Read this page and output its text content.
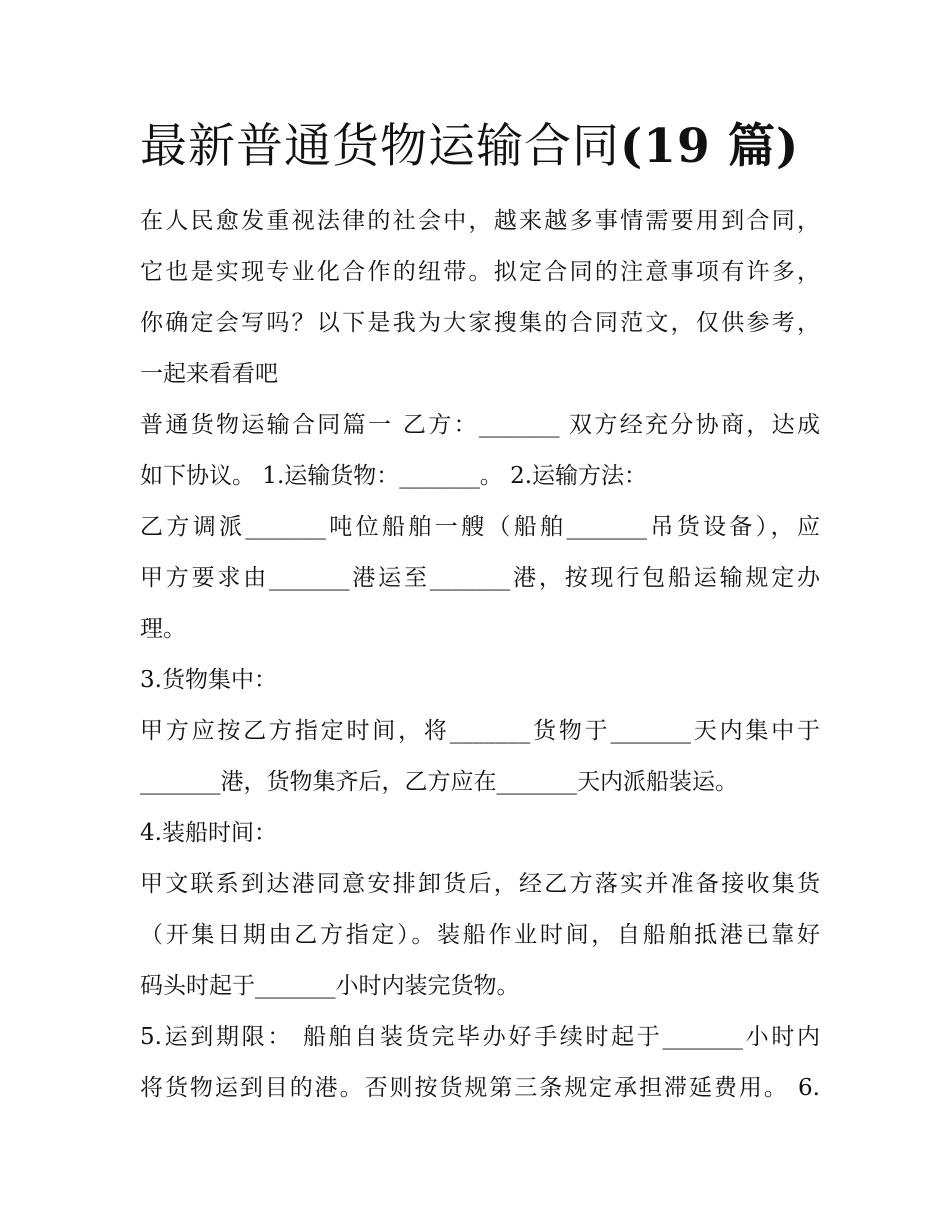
最新普通货物运输合同(19 篇)
在人民愈发重视法律的社会中，越来越多事情需要用到合同，
它也是实现专业化合作的纽带。拟定合同的注意事项有许多，
你确定会写吗？以下是我为大家搜集的合同范文，仅供参考，
一起来看看吧
普通货物运输合同篇一 乙方：_______ 双方经充分协商，达成
如下协议。 1.运输货物：_______。 2.运输方法：
乙方调派_______吨位船舶一艘（船舶_______吊货设备），应
甲方要求由_______港运至_______港，按现行包船运输规定办
理。
3.货物集中：
甲方应按乙方指定时间，将_______货物于_______天内集中于
_______港，货物集齐后，乙方应在_______天内派船装运。
4.装船时间：
甲文联系到达港同意安排卸货后，经乙方落实并准备接收集货
（开集日期由乙方指定）。装船作业时间，自船舶抵港已靠好
码头时起于_______小时内装完货物。
5.运到期限： 船舶自装货完毕办好手续时起于_______小时内
将货物运到目的港。否则按货规第三条规定承担滞延费用。 6.
